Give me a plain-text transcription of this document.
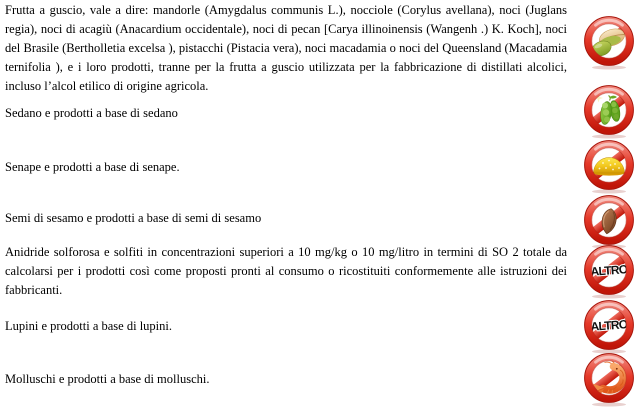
Frutta a guscio, vale a dire: mandorle (Amygdalus communis L.), nocciole (Corylus avellana), noci (Juglans regia), noci di acagiù (Anacardium occidentale), noci di pecan [Carya illinoinensis (Wangenh .) K. Koch], noci del Brasile (Bertholletia excelsa ), pistacchi (Pistacia vera), noci macadamia o noci del Queensland (Macadamia ternifolia ), e i loro prodotti, tranne per la frutta a guscio utilizzata per la fabbricazione di distillati alcolici, incluso l’alcol etilico di origine agricola.

Sedano e prodotti a base di sedano

Senape e prodotti a base di senape.

Semi di sesamo e prodotti a base di semi di sesamo

Anidride solforosa e solfiti in concentrazioni superiori a 10 mg/kg o 10 mg/litro in termini di SO 2 totale da calcolarsi per i prodotti così come proposti pronti al consumo o ricostituiti conformemente alle istruzioni dei fabbricanti.

Lupini e prodotti a base di lupini.

Molluschi e prodotti a base di molluschi.

ALTRO
ALTRO
